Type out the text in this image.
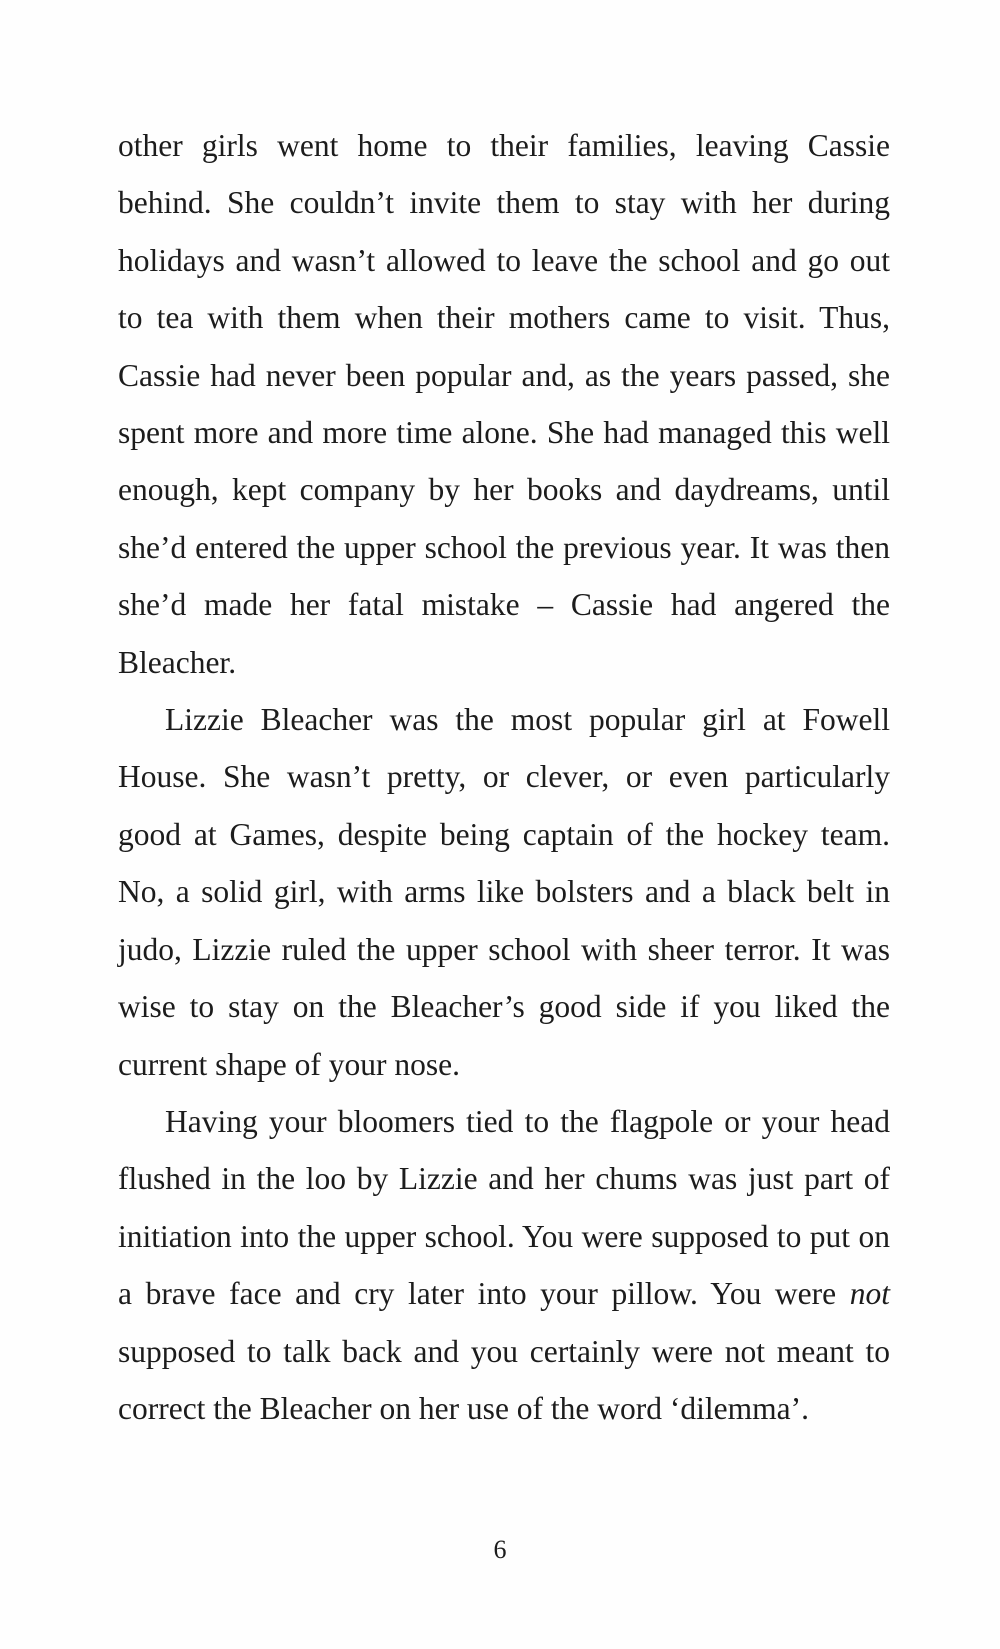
other girls went home to their families, leaving Cassie behind. She couldn’t invite them to stay with her during holidays and wasn’t allowed to leave the school and go out to tea with them when their mothers came to visit. Thus, Cassie had never been popular and, as the years passed, she spent more and more time alone. She had managed this well enough, kept company by her books and daydreams, until she’d entered the upper school the previous year. It was then she’d made her fatal mistake – Cassie had angered the Bleacher.

Lizzie Bleacher was the most popular girl at Fowell House. She wasn’t pretty, or clever, or even particularly good at Games, despite being captain of the hockey team. No, a solid girl, with arms like bolsters and a black belt in judo, Lizzie ruled the upper school with sheer terror. It was wise to stay on the Bleacher’s good side if you liked the current shape of your nose.

Having your bloomers tied to the flagpole or your head flushed in the loo by Lizzie and her chums was just part of initiation into the upper school. You were supposed to put on a brave face and cry later into your pillow. You were not supposed to talk back and you certainly were not meant to correct the Bleacher on her use of the word ‘dilemma’.

6
